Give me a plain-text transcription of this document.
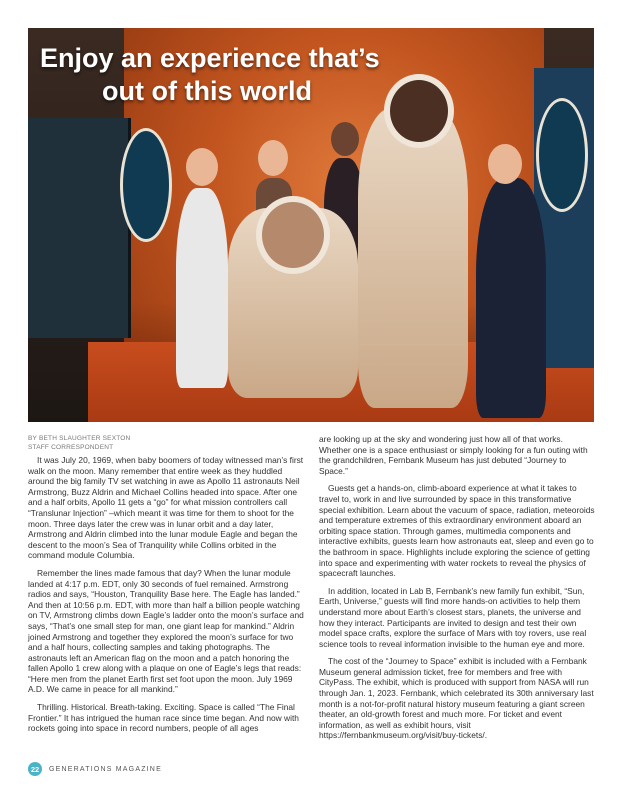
Enjoy an experience that’s
out of this world
BY BETH SLAUGHTER SEXTON
STAFF CORRESPONDENT

It was July 20, 1969, when baby boomers of today witnessed man’s first walk on the moon. Many remember that entire week as they huddled around the big family TV set watching in awe as Apollo 11 astronauts Neil Armstrong, Buzz Aldrin and Michael Collins headed into space. After one and a half orbits, Apollo 11 gets a “go” for what mission controllers call “Translunar Injection” –which meant it was time for them to shoot for the moon. Three days later the crew was in lunar orbit and a day later, Armstrong and Aldrin climbed into the lunar module Eagle and began the descent to the moon’s Sea of Tranquility while Collins orbited in the command module Columbia.

Remember the lines made famous that day? When the lunar module landed at 4:17 p.m. EDT, only 30 seconds of fuel remained. Armstrong radios and says, “Houston, Tranquility Base here. The Eagle has landed.” And then at 10:56 p.m. EDT, with more than half a billion people watching on TV, Armstrong climbs down Eagle’s ladder onto the moon’s surface and says, “That’s one small step for man, one giant leap for mankind.” Aldrin joined Armstrong and together they explored the moon’s surface for two and a half hours, collecting samples and taking photographs. The astronauts left an American flag on the moon and a patch honoring the fallen Apollo 1 crew along with a plaque on one of Eagle’s legs that reads: “Here men from the planet Earth first set foot upon the moon. July 1969 A.D. We came in peace for all mankind.”

Thrilling. Historical. Breath-taking. Exciting. Space is called “The Final Frontier.” It has intrigued the human race since time began. And now with rockets going into space in record numbers, people of all ages

are looking up at the sky and wondering just how all of that works. Whether one is a space enthusiast or simply looking for a fun outing with the grandchildren, Fernbank Museum has just debuted “Journey to Space.”

Guests get a hands-on, climb-aboard experience at what it takes to travel to, work in and live surrounded by space in this transformative special exhibition. Learn about the vacuum of space, radiation, meteoroids and temperature extremes of this extraordinary environment aboard an orbiting space station. Through games, multimedia components and interactive exhibits, guests learn how astronauts eat, sleep and even go to the bathroom in space. Highlights include exploring the science of getting into space and experimenting with water rockets to reveal the physics of spacecraft launches.

In addition, located in Lab B, Fernbank’s new family fun exhibit, “Sun, Earth, Universe,” guests will find more hands-on activities to help them understand more about Earth’s closest stars, planets, the universe and how they interact. Participants are invited to design and test their own model space crafts, explore the surface of Mars with toy rovers, use real science tools to reveal information invisible to the human eye and more.

The cost of the “Journey to Space” exhibit is included with a Fernbank Museum general admission ticket, free for members and free with CityPass. The exhibit, which is produced with support from NASA will run through Jan. 1, 2023. Fernbank, which celebrated its 30th anniversary last month is a not-for-profit natural history museum featuring a giant screen theater, an old-growth forest and much more. For ticket and event information, as well as exhibit hours, visit https://fernbankmuseum.org/visit/buy-tickets/.

22	GENERATIONS MAGAZINE
